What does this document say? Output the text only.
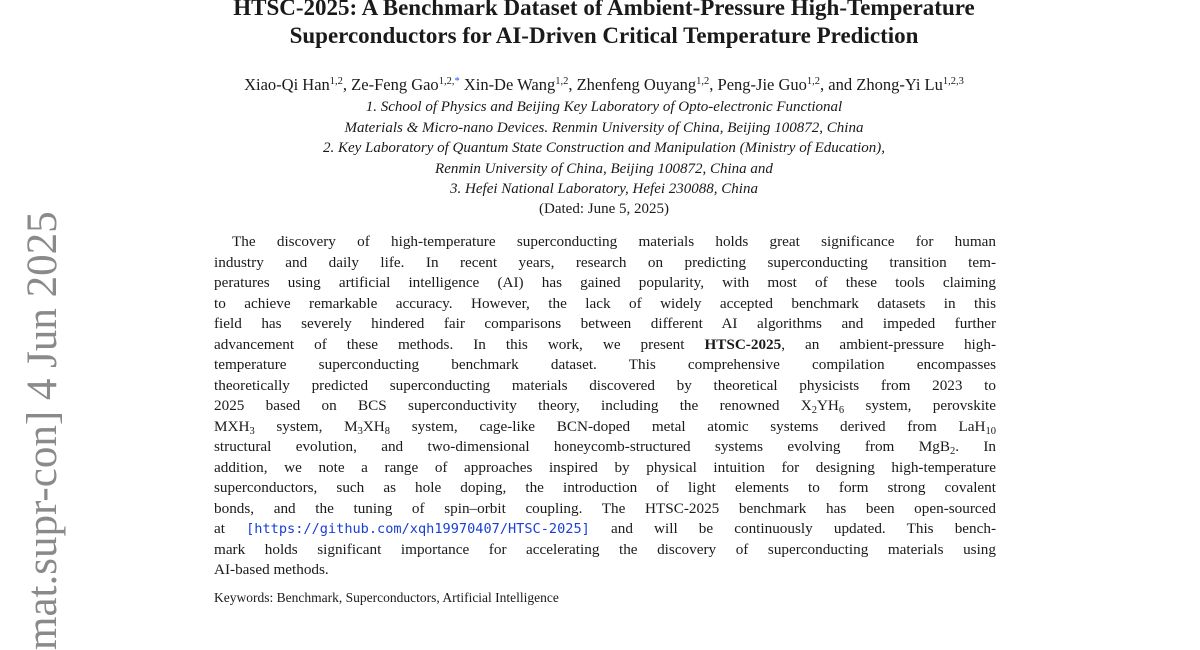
mat.supr-con] 4 Jun 2025
HTSC-2025: A Benchmark Dataset of Ambient-Pressure High-Temperature
Superconductors for AI-Driven Critical Temperature Prediction
Xiao-Qi Han$^{1,2}$, Ze-Feng Gao$^{1,2,*}$ Xin-De Wang$^{1,2}$, Zhenfeng Ouyang$^{1,2}$, Peng-Jie Guo$^{1,2}$, and Zhong-Yi Lu$^{1,2,3}$
1. School of Physics and Beijing Key Laboratory of Opto-electronic Functional
Materials & Micro-nano Devices. Renmin University of China, Beijing 100872, China
2. Key Laboratory of Quantum State Construction and Manipulation (Ministry of Education),
Renmin University of China, Beijing 100872, China and
3. Hefei National Laboratory, Hefei 230088, China
(Dated: June 5, 2025)
The discovery of high-temperature superconducting materials holds great significance for human
industry and daily life. In recent years, research on predicting superconducting transition tem-
peratures using artificial intelligence (AI) has gained popularity, with most of these tools claiming
to achieve remarkable accuracy. However, the lack of widely accepted benchmark datasets in this
field has severely hindered fair comparisons between different AI algorithms and impeded further
advancement of these methods. In this work, we present HTSC-2025, an ambient-pressure high-
temperature superconducting benchmark dataset. This comprehensive compilation encompasses
theoretically predicted superconducting materials discovered by theoretical physicists from 2023 to
2025 based on BCS superconductivity theory, including the renowned $X_2YH_6$ system, perovskite
$MXH_3$ system, $M_3XH_8$ system, cage-like BCN-doped metal atomic systems derived from LaH$_{10}$
structural evolution, and two-dimensional honeycomb-structured systems evolving from MgB$_2$. In
addition, we note a range of approaches inspired by physical intuition for designing high-temperature
superconductors, such as hole doping, the introduction of light elements to form strong covalent
bonds, and the tuning of spin–orbit coupling. The HTSC-2025 benchmark has been open-sourced
at [https://github.com/xqh19970407/HTSC-2025] and will be continuously updated. This bench-
mark holds significant importance for accelerating the discovery of superconducting materials using
AI-based methods.
Keywords: Benchmark, Superconductors, Artificial Intelligence
